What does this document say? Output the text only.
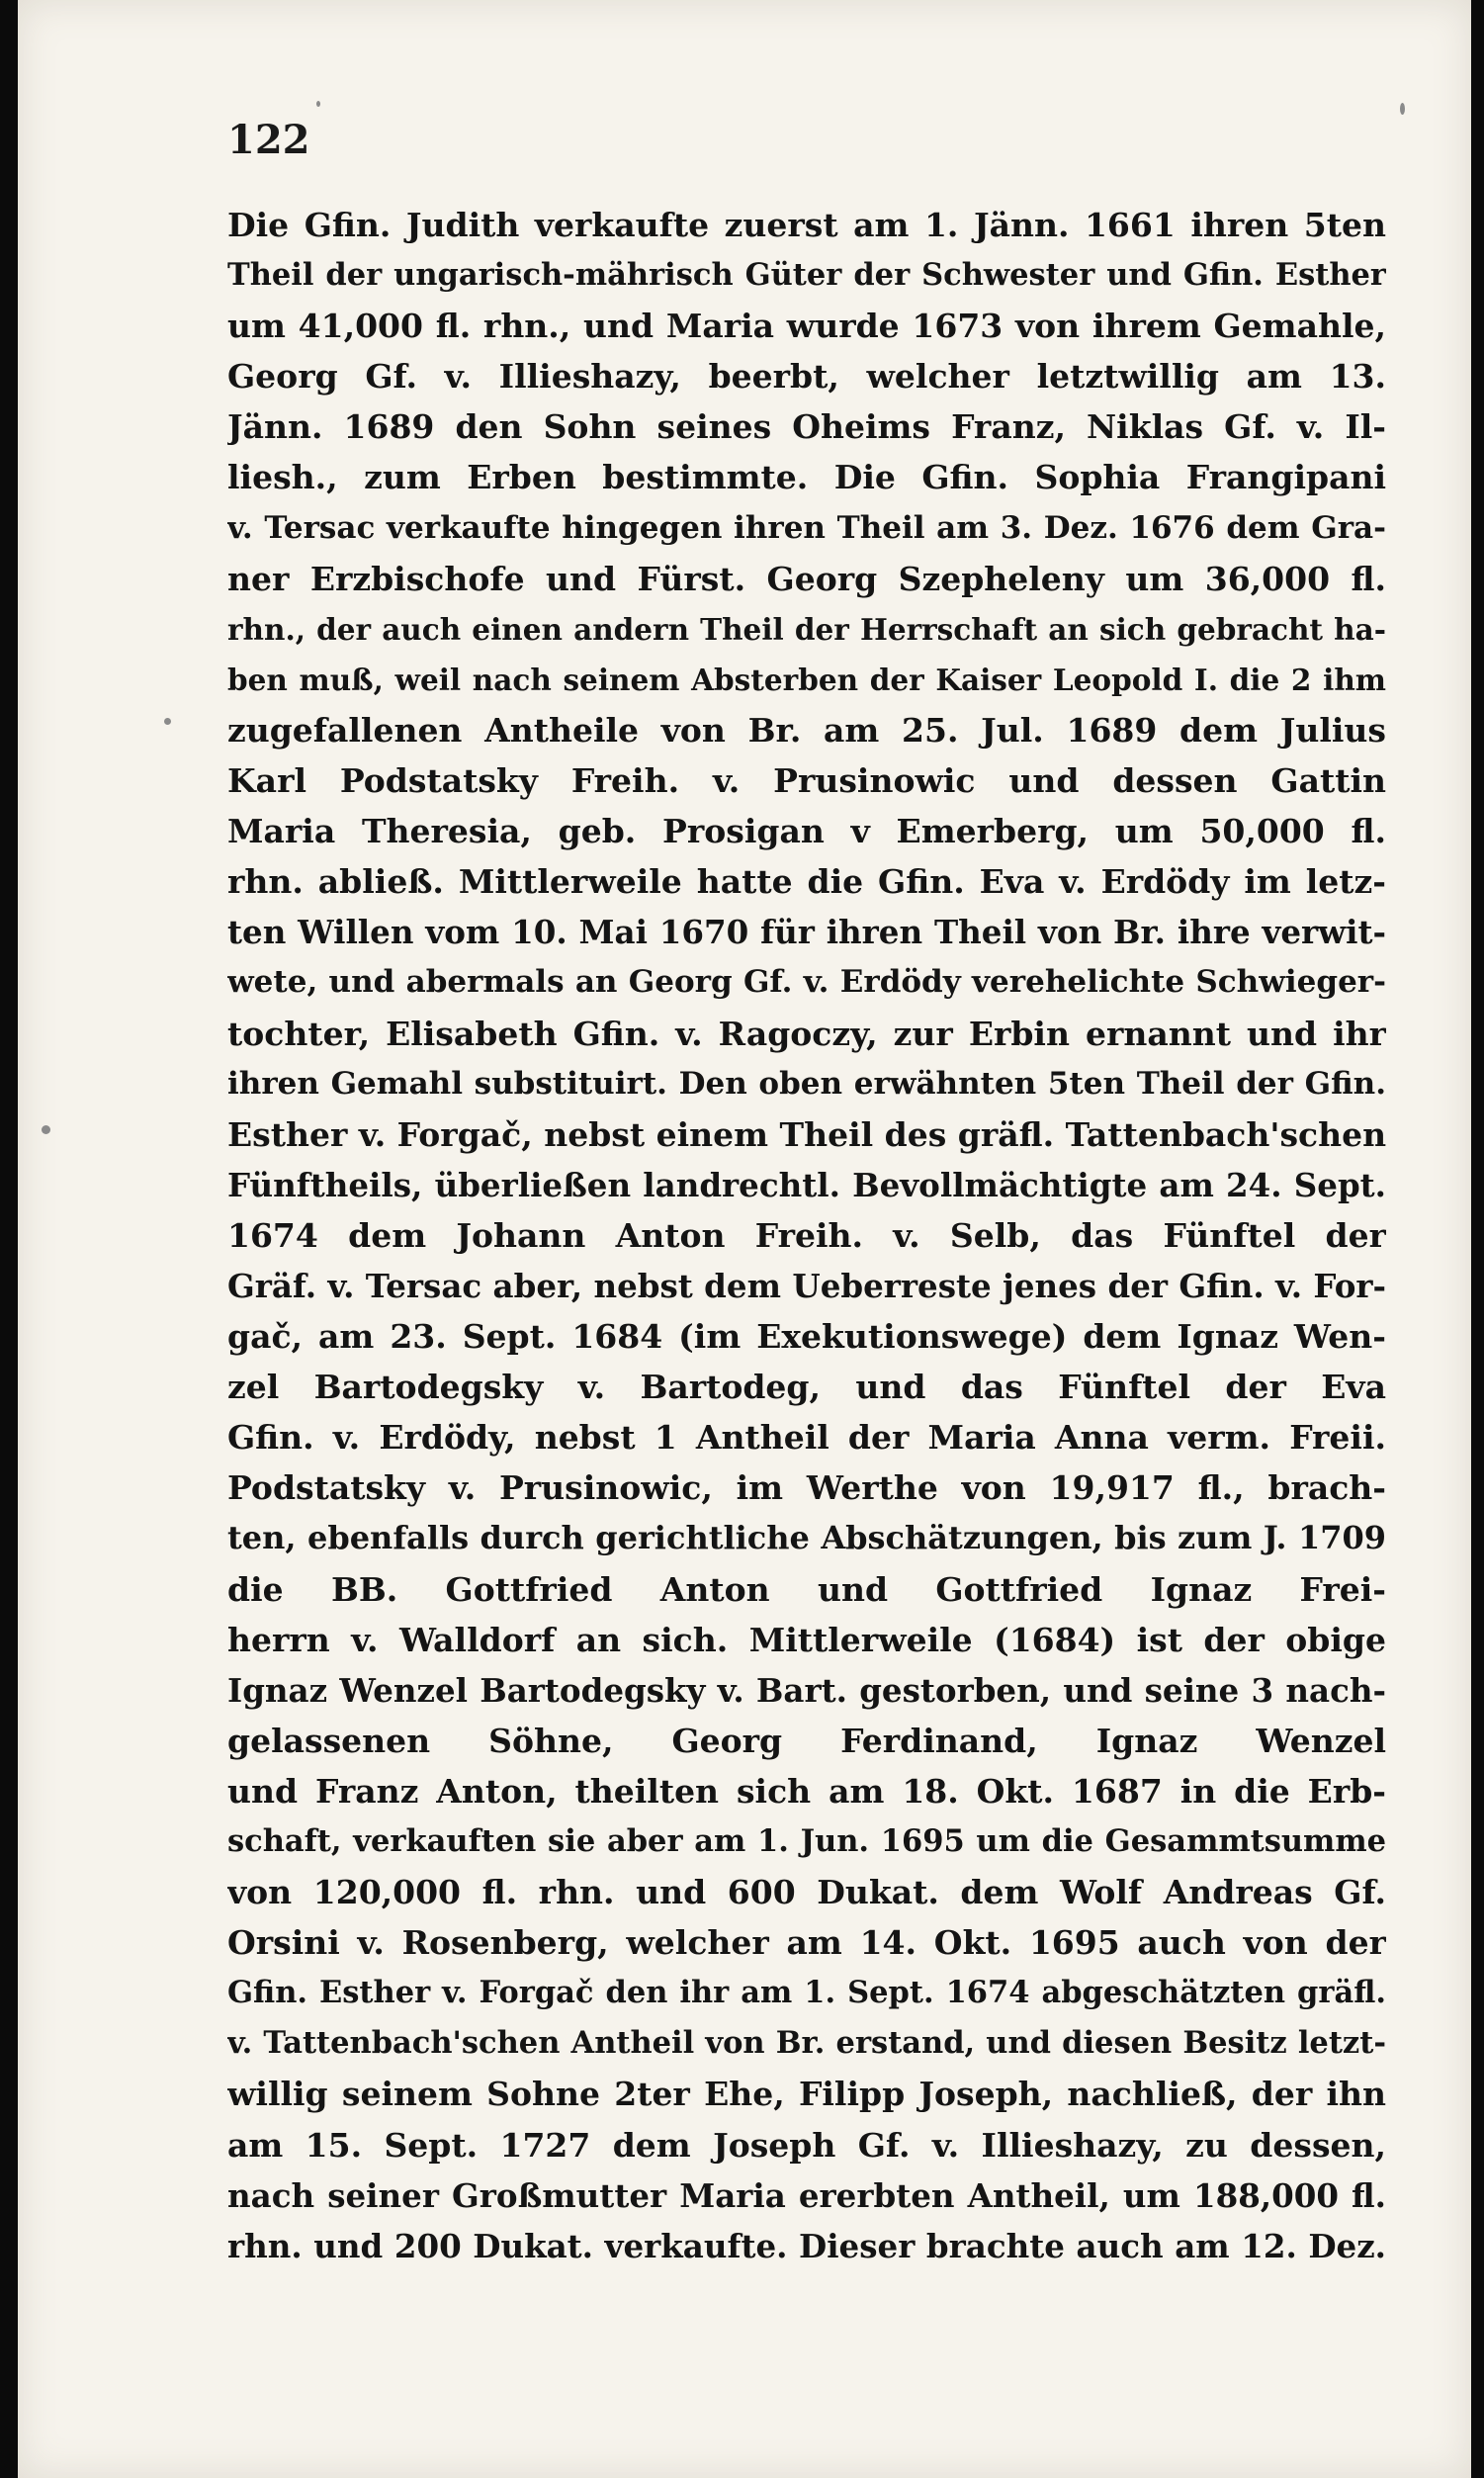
122
Die Gfin. Judith verkaufte zuerst am 1. Jänn. 1661 ihren 5ten
Theil der ungarisch-mährisch Güter der Schwester und Gfin. Esther
um 41,000 fl. rhn., und Maria wurde 1673 von ihrem Gemahle,
Georg Gf. v. Illieshazy, beerbt, welcher letztwillig am 13.
Jänn. 1689 den Sohn seines Oheims Franz, Niklas Gf. v. Il-
liesh., zum Erben bestimmte. Die Gfin. Sophia Frangipani
v. Tersac verkaufte hingegen ihren Theil am 3. Dez. 1676 dem Gra-
ner Erzbischofe und Fürst. Georg Szepheleny um 36,000 fl.
rhn., der auch einen andern Theil der Herrschaft an sich gebracht ha-
ben muß, weil nach seinem Absterben der Kaiser Leopold I. die 2 ihm
zugefallenen Antheile von Br. am 25. Jul. 1689 dem Julius
Karl Podstatsky Freih. v. Prusinowic und dessen Gattin
Maria Theresia, geb. Prosigan v Emerberg, um 50,000 fl.
rhn. abließ. Mittlerweile hatte die Gfin. Eva v. Erdödy im letz-
ten Willen vom 10. Mai 1670 für ihren Theil von Br. ihre verwit-
wete, und abermals an Georg Gf. v. Erdödy verehelichte Schwieger-
tochter, Elisabeth Gfin. v. Ragoczy, zur Erbin ernannt und ihr
ihren Gemahl substituirt. Den oben erwähnten 5ten Theil der Gfin.
Esther v. Forgač, nebst einem Theil des gräfl. Tattenbach'schen
Fünftheils, überließen landrechtl. Bevollmächtigte am 24. Sept.
1674 dem Johann Anton Freih. v. Selb, das Fünftel der
Gräf. v. Tersac aber, nebst dem Ueberreste jenes der Gfin. v. For-
gač, am 23. Sept. 1684 (im Exekutionswege) dem Ignaz Wen-
zel Bartodegsky v. Bartodeg, und das Fünftel der Eva
Gfin. v. Erdödy, nebst 1 Antheil der Maria Anna verm. Freii.
Podstatsky v. Prusinowic, im Werthe von 19,917 fl., brach-
ten, ebenfalls durch gerichtliche Abschätzungen, bis zum J. 1709
die BB. Gottfried Anton und Gottfried Ignaz Frei-
herrn v. Walldorf an sich. Mittlerweile (1684) ist der obige
Ignaz Wenzel Bartodegsky v. Bart. gestorben, und seine 3 nach-
gelassenen Söhne, Georg Ferdinand, Ignaz Wenzel
und Franz Anton, theilten sich am 18. Okt. 1687 in die Erb-
schaft, verkauften sie aber am 1. Jun. 1695 um die Gesammtsumme
von 120,000 fl. rhn. und 600 Dukat. dem Wolf Andreas Gf.
Orsini v. Rosenberg, welcher am 14. Okt. 1695 auch von der
Gfin. Esther v. Forgač den ihr am 1. Sept. 1674 abgeschätzten gräfl.
v. Tattenbach'schen Antheil von Br. erstand, und diesen Besitz letzt-
willig seinem Sohne 2ter Ehe, Filipp Joseph, nachließ, der ihn
am 15. Sept. 1727 dem Joseph Gf. v. Illieshazy, zu dessen,
nach seiner Großmutter Maria ererbten Antheil, um 188,000 fl.
rhn. und 200 Dukat. verkaufte. Dieser brachte auch am 12. Dez.
